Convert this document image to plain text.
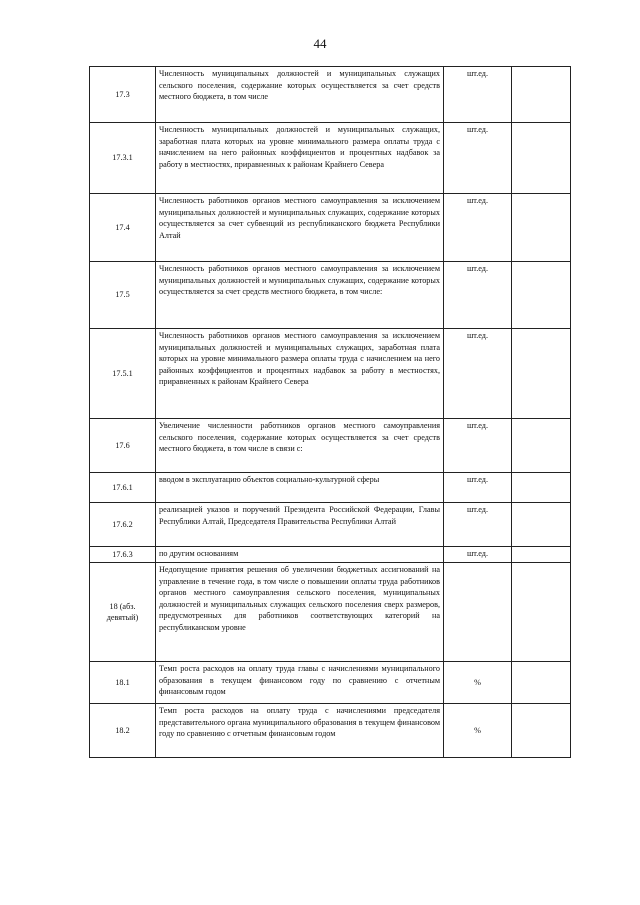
44
17.3	Численность муниципальных должностей и муниципальных служащих сельского поселения, содержание которых осуществляется за счет средств местного бюджета, в том числе	шт.ед.	
17.3.1	Численность муниципальных должностей и муниципальных служащих, заработная плата которых на уровне минимального размера оплаты труда с начислением на него районных коэффициентов и процентных надбавок за работу в местностях, приравненных к районам Крайнего Севера	шт.ед.	
17.4	Численность работников органов местного самоуправления за исключением муниципальных должностей и муниципальных служащих, содержание которых осуществляется за счет субвенций из республиканского бюджета Республики Алтай	шт.ед.	
17.5	Численность работников органов местного самоуправления за исключением муниципальных должностей и муниципальных служащих, содержание которых осуществляется за счет средств местного бюджета, в том числе:	шт.ед.	
17.5.1	Численность работников органов местного самоуправления за исключением муниципальных должностей и муниципальных служащих, заработная плата которых на уровне минимального размера оплаты труда с начислением на него районных коэффициентов и процентных надбавок за работу в местностях, приравненных к районам Крайнего Севера	шт.ед.	
17.6	Увеличение численности работников органов местного самоуправления сельского поселения, содержание которых осуществляется за счет средств местного бюджета, в том числе в связи с:	шт.ед.	
17.6.1	вводом в эксплуатацию объектов социально-культурной сферы	шт.ед.	
17.6.2	реализацией указов и поручений Президента Российской Федерации, Главы Республики Алтай, Председателя Правительства Республики Алтай	шт.ед.	
17.6.3	по другим основаниям	шт.ед.	
18 (абз. девятый)	Недопущение принятия решения об увеличении бюджетных ассигнований на управление в течение года, в том числе о повышении оплаты труда работников органов местного самоуправления сельского поселения, муниципальных должностей и муниципальных служащих сельского поселения сверх размеров, предусмотренных для работников соответствующих категорий на республиканском уровне		
18.1	Темп роста расходов на оплату труда главы с начислениями муниципального образования в текущем финансовом году по сравнению с отчетным финансовым годом	%	
18.2	Темп роста расходов на оплату труда с начислениями председателя представительного органа муниципального образования в текущем финансовом году по сравнению с отчетным финансовым годом	%	
